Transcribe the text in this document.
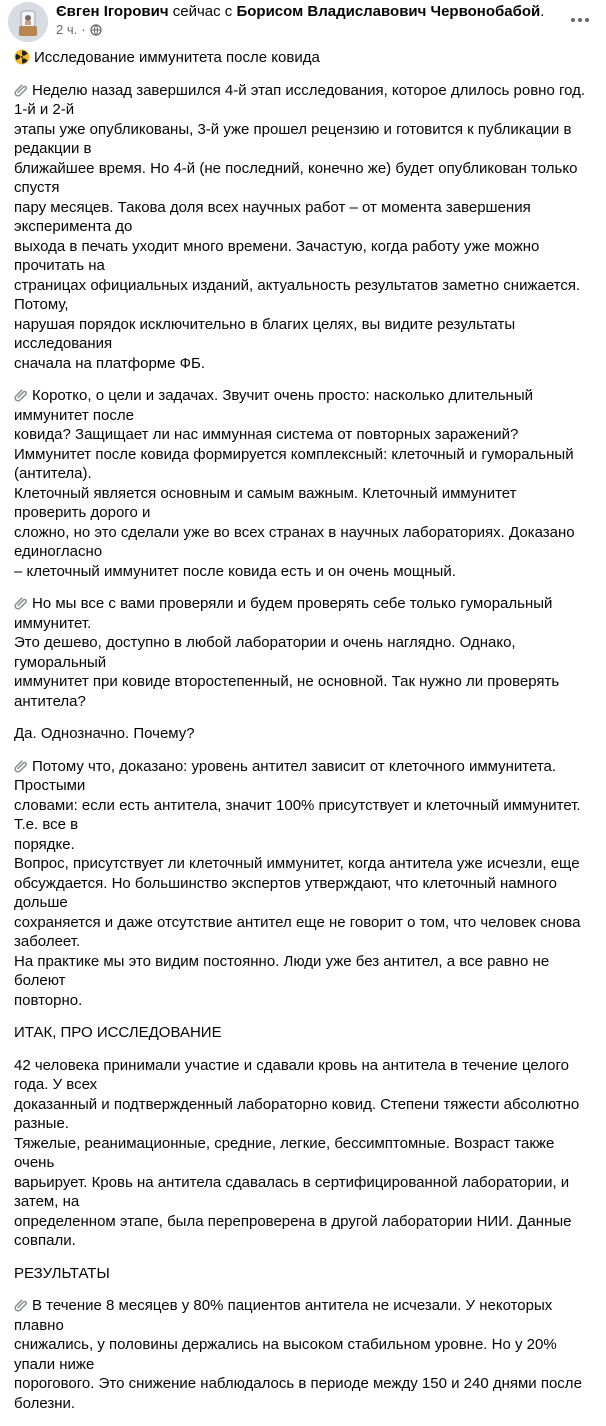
Євген Ігорович сейчас с Борисом Владиславович Червонобабой.
2 ч. ·
Исследование иммунитета после ковида
Неделю назад завершился 4-й этап исследования, которое длилось ровно год. 1-й и 2-й
этапы уже опубликованы, 3-й уже прошел рецензию и готовится к публикации в редакции в
ближайшее время. Но 4-й (не последний, конечно же) будет опубликован только спустя
пару месяцев. Такова доля всех научных работ – от момента завершения эксперимента до
выхода в печать уходит много времени. Зачастую, когда работу уже можно прочитать на
страницах официальных изданий, актуальность результатов заметно снижается. Потому,
нарушая порядок исключительно в благих целях, вы видите результаты исследования
сначала на платформе ФБ.
Коротко, о цели и задачах. Звучит очень просто: насколько длительный иммунитет после
ковида? Защищает ли нас иммунная система от повторных заражений?
Иммунитет после ковида формируется комплексный: клеточный и гуморальный (антитела).
Клеточный является основным и самым важным. Клеточный иммунитет проверить дорого и
сложно, но это сделали уже во всех странах в научных лабораториях. Доказано единогласно
– клеточный иммунитет после ковида есть и он очень мощный.
Но мы все с вами проверяли и будем проверять себе только гуморальный иммунитет.
Это дешево, доступно в любой лаборатории и очень наглядно. Однако, гуморальный
иммунитет при ковиде второстепенный, не основной. Так нужно ли проверять антитела?
Да. Однозначно. Почему?
Потому что, доказано: уровень антител зависит от клеточного иммунитета. Простыми
словами: если есть антитела, значит 100% присутствует и клеточный иммунитет. Т.е. все в
порядке.
Вопрос, присутствует ли клеточный иммунитет, когда антитела уже исчезли, еще
обсуждается. Но большинство экспертов утверждают, что клеточный намного дольше
сохраняется и даже отсутствие антител еще не говорит о том, что человек снова заболеет.
На практике мы это видим постоянно. Люди уже без антител, а все равно не болеют
повторно.
ИТАК, ПРО ИССЛЕДОВАНИЕ
42 человека принимали участие и сдавали кровь на антитела в течение целого года. У всех
доказанный и подтвержденный лабораторно ковид. Степени тяжести абсолютно разные.
Тяжелые, реанимационные, средние, легкие, бессимптомные. Возраст также очень
варьирует. Кровь на антитела сдавалась в сертифицированной лаборатории, и затем, на
определенном этапе, была перепроверена в другой лаборатории НИИ. Данные совпали.
РЕЗУЛЬТАТЫ
В течение 8 месяцев у 80% пациентов антитела не исчезали. У некоторых плавно
снижались, у половины держались на высоком стабильном уровне. Но у 20% упали ниже
порогового. Это снижение наблюдалось в периоде между 150 и 240 днями после болезни.
